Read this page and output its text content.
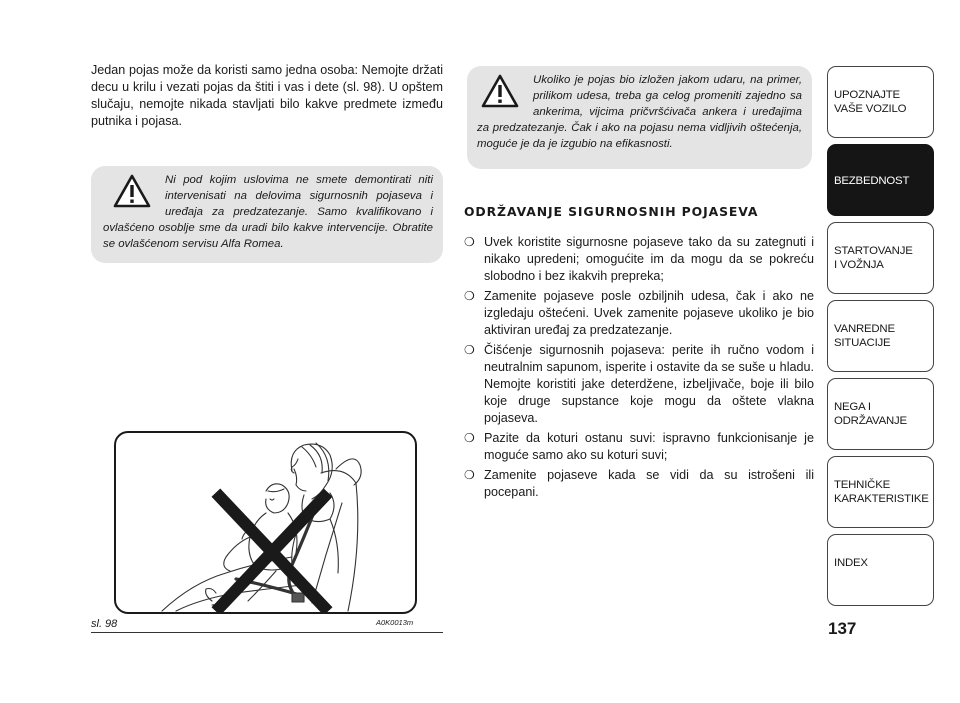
Jedan pojas može da koristi samo jedna osoba: Nemojte držati decu u krilu i vezati pojas da štiti i vas i dete (sl. 98). U opštem slučaju, nemojte nikada stavljati bilo kakve predmete između putnika i pojasa.

Ni pod kojim uslovima ne smete demontirati niti intervenisati na delovima sigurnosnih pojaseva i uređaja za predzatezanje. Samo kvalifikovano i ovlašćeno osoblje sme da uradi bilo kakve intervencije. Obratite se ovlašćenom servisu Alfa Romea.

Ukoliko je pojas bio izložen jakom udaru, na primer, prilikom udesa, treba ga celog promeniti zajedno sa ankerima, vijcima pričvršćivača ankera i uređajima za predzatezanje. Čak i ako na pojasu nema vidljivih oštećenja, moguće je da je izgubio na efikasnosti.

ODRŽAVANJE SIGURNOSNIH POJASEVA
❍ Uvek koristite sigurnosne pojaseve tako da su zategnuti i nikako upredeni; omogućite im da mogu da se pokreću slobodno i bez ikakvih prepreka;
❍ Zamenite pojaseve posle ozbiljnih udesa, čak i ako ne izgledaju oštećeni. Uvek zamenite pojaseve ukoliko je bio aktiviran uređaj za predzatezanje.
❍ Čišćenje sigurnosnih pojaseva: perite ih ručno vodom i neutralnim sapunom, isperite i ostavite da se suše u hladu. Nemojte koristiti jake deterdžene, izbeljivače, boje ili bilo koje druge supstance koje mogu da oštete vlakna pojaseva.
❍ Pazite da koturi ostanu suvi: ispravno funkcionisanje je moguće samo ako su koturi suvi;
❍ Zamenite pojaseve kada se vidi da su istrošeni ili pocepani.
sl. 98	A0K0013m
UPOZNAJTE
VAŠE VOZILO
BEZBEDNOST
STARTOVANJE
I VOŽNJA
VANREDNE
SITUACIJE
NEGA I
ODRŽAVANJE
TEHNIČKE
KARAKTERISTIKE
INDEX
137
